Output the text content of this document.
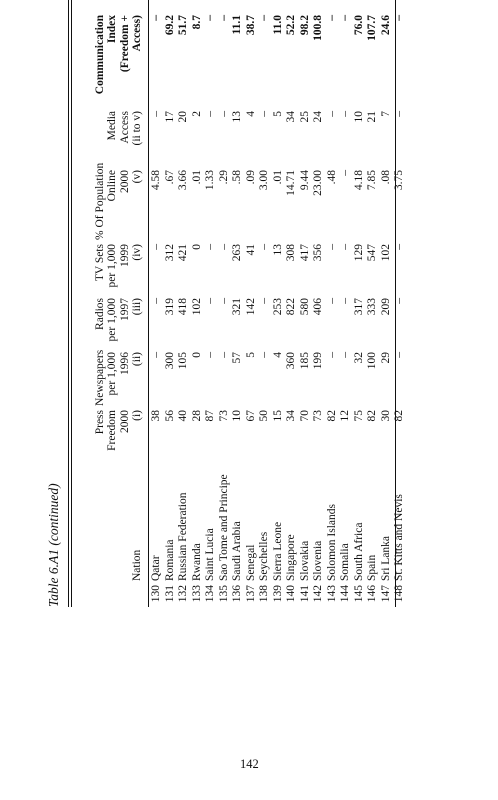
Table 6.A1 (continued)	Nation
Press Freedom 2000 (i)
Newspapers per 1,000 1996 (ii)
Radios per 1,000 1997 (iii)
TV Sets per 1,000 1999 (iv)
% Of Population Online 2000 (v)
Media Access (ii to v)
Communication Index (Freedom + Access)
130
Qatar
38
–
–
–
4.58
–
–
131
Romania
56
300
319
312
.67
17
69.2
132
Russian Federation
40
105
418
421
3.66
20
51.7
133
Rwanda
28
0
102
0
.01
2
8.7
134
Saint Lucia
87
–
–
–
1.33
–
–
135
Sao Tome and Principe
73
–
–
–
.29
–
–
136
Saudi Arabia
10
57
321
263
.58
13
11.1
137
Senegal
67
5
142
41
.09
4
38.7
138
Seychelles
50
–
–
–
3.00
–
–
139
Sierra Leone
15
4
253
13
.01
5
11.0
140
Singapore
34
360
822
308
14.71
34
52.2
141
Slovakia
70
185
580
417
9.44
25
98.2
142
Slovenia
73
199
406
356
23.00
24
100.8
143
Solomon Islands
82
–
–
–
.48
–
–
144
Somalia
12
–
–
–
–
–
–
145
South Africa
75
32
317
129
4.18
10
76.0
146
Spain
82
100
333
547
7.85
21
107.7
147
Sri Lanka
30
29
209
102
.08
7
24.6
148
St. Kitts and Nevis
82
–
–
–
3.75
–
–
142
